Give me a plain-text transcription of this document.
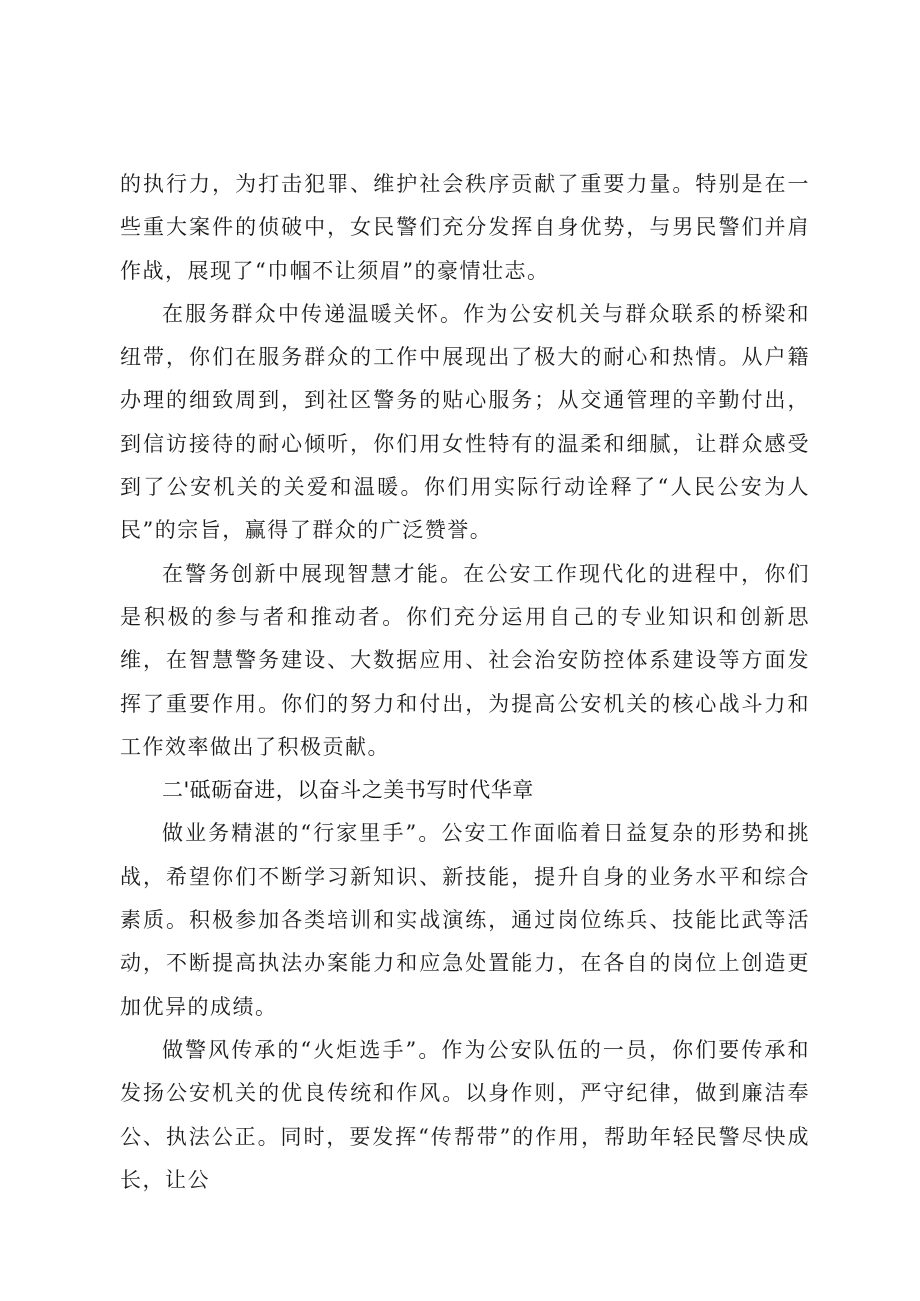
的执行力，为打击犯罪、维护社会秩序贡献了重要力量。特别是在一些重大案件的侦破中，女民警们充分发挥自身优势，与男民警们并肩作战，展现了“巾帼不让须眉”的豪情壮志。

在服务群众中传递温暖关怀。作为公安机关与群众联系的桥梁和纽带，你们在服务群众的工作中展现出了极大的耐心和热情。从户籍办理的细致周到，到社区警务的贴心服务；从交通管理的辛勤付出，到信访接待的耐心倾听，你们用女性特有的温柔和细腻，让群众感受到了公安机关的关爱和温暖。你们用实际行动诠释了“人民公安为人民”的宗旨，赢得了群众的广泛赞誉。

在警务创新中展现智慧才能。在公安工作现代化的进程中，你们是积极的参与者和推动者。你们充分运用自己的专业知识和创新思维，在智慧警务建设、大数据应用、社会治安防控体系建设等方面发挥了重要作用。你们的努力和付出，为提高公安机关的核心战斗力和工作效率做出了积极贡献。

二'砥砺奋进，以奋斗之美书写时代华章

做业务精湛的“行家里手”。公安工作面临着日益复杂的形势和挑战，希望你们不断学习新知识、新技能，提升自身的业务水平和综合素质。积极参加各类培训和实战演练，通过岗位练兵、技能比武等活动，不断提高执法办案能力和应急处置能力，在各自的岗位上创造更加优异的成绩。

做警风传承的“火炬选手”。作为公安队伍的一员，你们要传承和发扬公安机关的优良传统和作风。以身作则，严守纪律，做到廉洁奉公、执法公正。同时，要发挥“传帮带”的作用，帮助年轻民警尽快成长，让公
